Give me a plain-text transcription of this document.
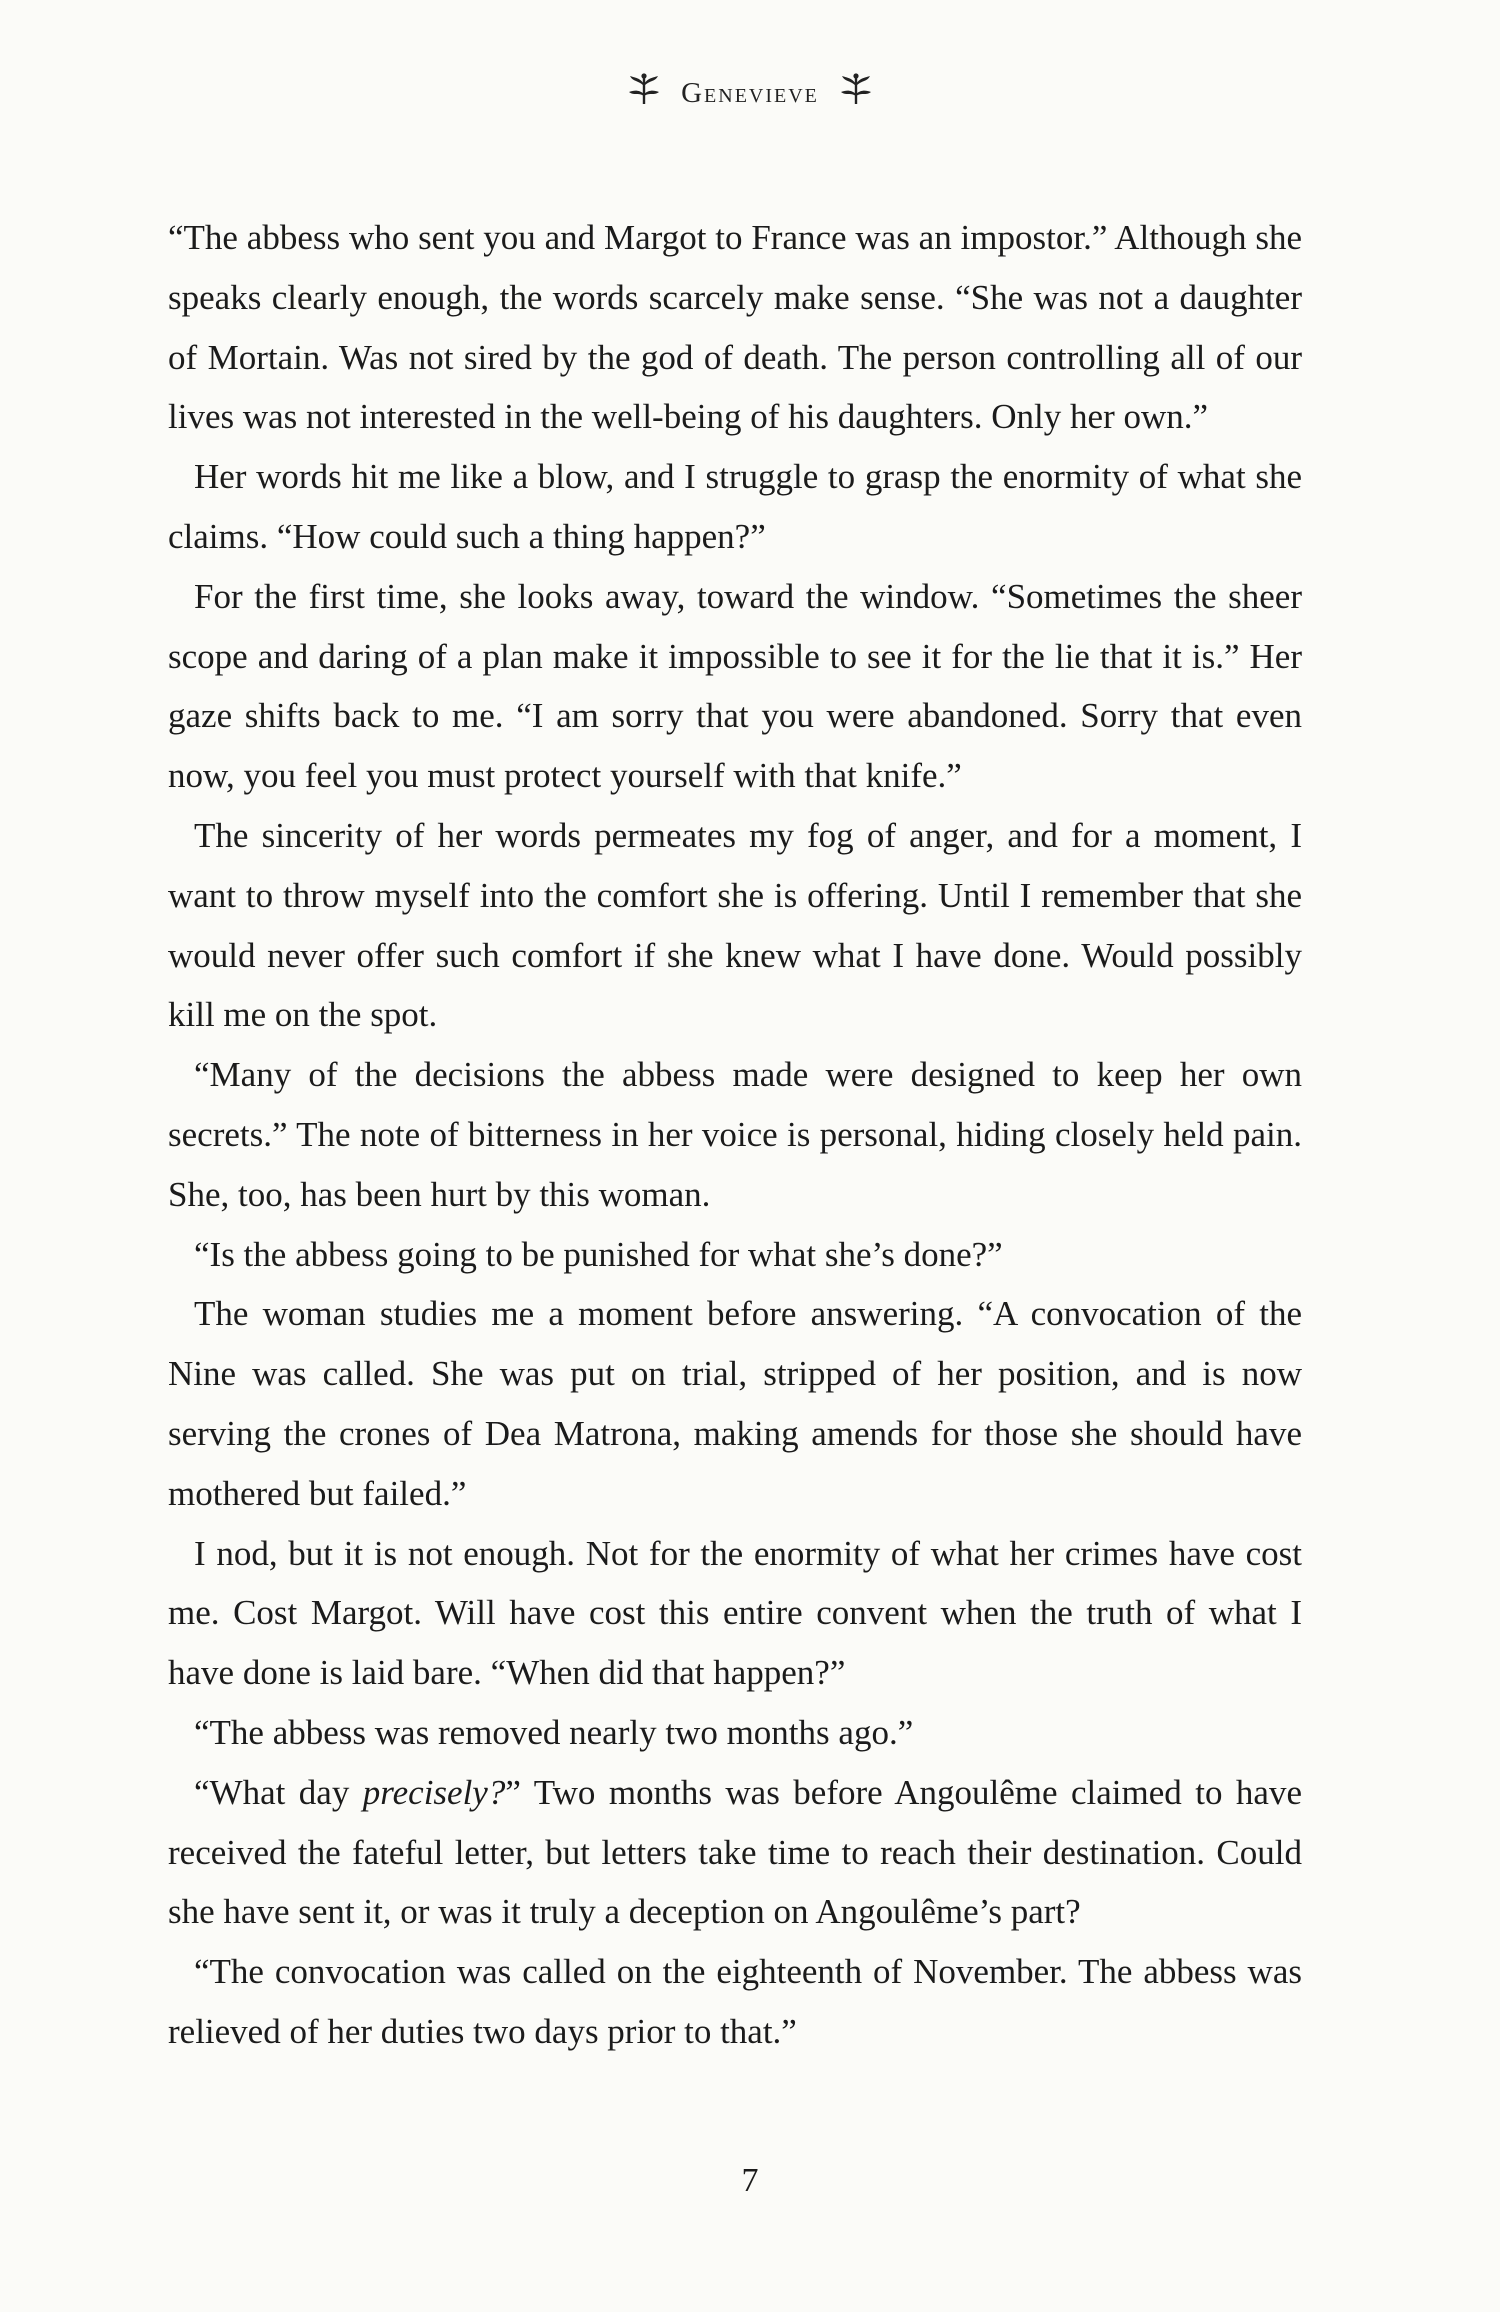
Genevieve

“The abbess who sent you and Margot to France was an impostor.” Although she speaks clearly enough, the words scarcely make sense. “She was not a daughter of Mortain. Was not sired by the god of death. The person controlling all of our lives was not interested in the well-being of his daughters. Only her own.”

Her words hit me like a blow, and I struggle to grasp the enormity of what she claims. “How could such a thing happen?”

For the first time, she looks away, toward the window. “Sometimes the sheer scope and daring of a plan make it impossible to see it for the lie that it is.” Her gaze shifts back to me. “I am sorry that you were abandoned. Sorry that even now, you feel you must protect yourself with that knife.”

The sincerity of her words permeates my fog of anger, and for a moment, I want to throw myself into the comfort she is offering. Until I remember that she would never offer such comfort if she knew what I have done. Would possibly kill me on the spot.

“Many of the decisions the abbess made were designed to keep her own secrets.” The note of bitterness in her voice is personal, hiding closely held pain. She, too, has been hurt by this woman.

“Is the abbess going to be punished for what she’s done?”

The woman studies me a moment before answering. “A convocation of the Nine was called. She was put on trial, stripped of her position, and is now serving the crones of Dea Matrona, making amends for those she should have mothered but failed.”

I nod, but it is not enough. Not for the enormity of what her crimes have cost me. Cost Margot. Will have cost this entire convent when the truth of what I have done is laid bare. “When did that happen?”

“The abbess was removed nearly two months ago.”

“What day precisely?” Two months was before Angoulême claimed to have received the fateful letter, but letters take time to reach their destination. Could she have sent it, or was it truly a deception on Angoulême’s part?

“The convocation was called on the eighteenth of November. The abbess was relieved of her duties two days prior to that.”

7
